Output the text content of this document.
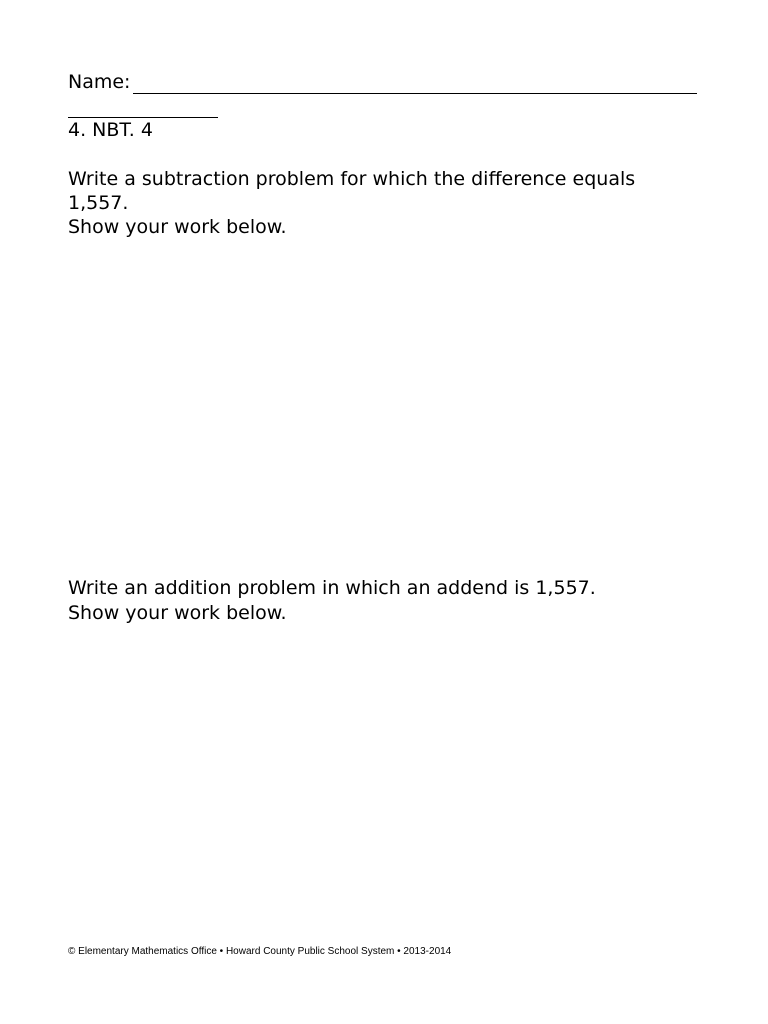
Name:
4. NBT. 4
Write a subtraction problem for which the difference equals
1,557.
Show your work below.
Write an addition problem in which an addend is 1,557.
Show your work below.
© Elementary Mathematics Office • Howard County Public School System • 2013-2014
